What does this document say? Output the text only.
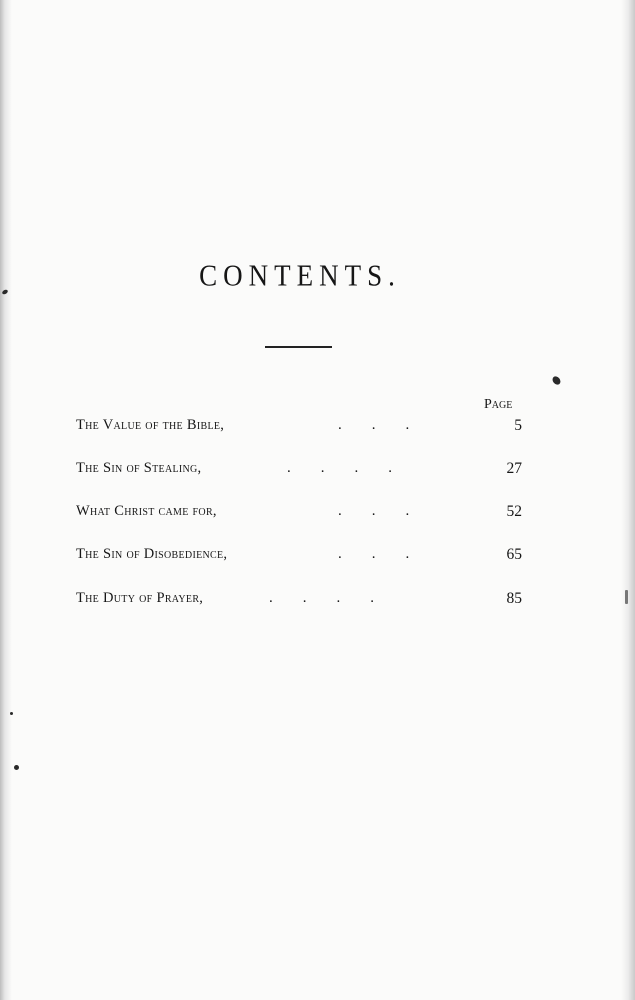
CONTENTS.
Page
The Value of the Bible,	.        .        .	5
The Sin of Stealing,	.        .        .        .	27
What Christ came for,	.        .        .	52
The Sin of Disobedience,	.        .        .	65
The Duty of Prayer,	.        .        .        .	85
